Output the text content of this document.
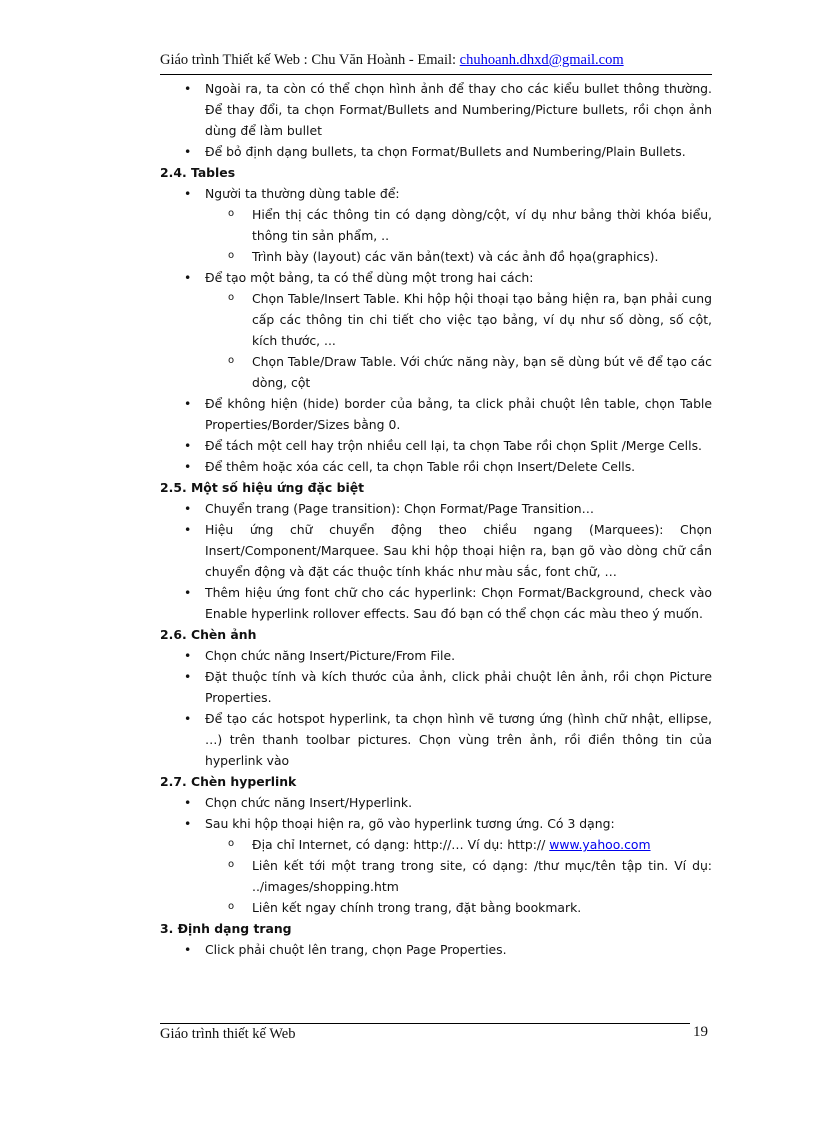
Giáo trình Thiết kế Web : Chu Văn Hoành - Email: chuhoanh.dhxd@gmail.com
• Ngoài ra, ta còn có thể chọn hình ảnh để thay cho các kiểu bullet thông thường. Để thay đổi, ta chọn Format/Bullets and Numbering/Picture bullets, rồi chọn ảnh dùng để làm bullet
• Để bỏ định dạng bullets, ta chọn Format/Bullets and Numbering/Plain Bullets.
2.4. Tables
• Người ta thường dùng table để:
o Hiển thị các thông tin có dạng dòng/cột, ví dụ như bảng thời khóa biểu, thông tin sản phẩm, ..
o Trình bày (layout) các văn bản(text) và các ảnh đồ họa(graphics).
• Để tạo một bảng, ta có thể dùng một trong hai cách:
o Chọn Table/Insert Table. Khi hộp hội thoại tạo bảng hiện ra, bạn phải cung cấp các thông tin chi tiết cho việc tạo bảng, ví dụ như số dòng, số cột, kích thước, ...
o Chọn Table/Draw Table. Với chức năng này, bạn sẽ dùng bút vẽ để tạo các dòng, cột
• Để không hiện (hide) border của bảng, ta click phải chuột lên table, chọn Table Properties/Border/Sizes bằng 0.
• Để tách một cell hay trộn nhiều cell lại, ta chọn Tabe rồi chọn Split /Merge Cells.
• Để thêm hoặc xóa các cell, ta chọn Table rồi chọn Insert/Delete Cells.
2.5. Một số hiệu ứng đặc biệt
• Chuyển trang (Page transition): Chọn Format/Page Transition…
• Hiệu ứng chữ chuyển động theo chiều ngang (Marquees): Chọn Insert/Component/Marquee. Sau khi hộp thoại hiện ra, bạn gõ vào dòng chữ cần chuyển động và đặt các thuộc tính khác như màu sắc, font chữ, …
• Thêm hiệu ứng font chữ cho các hyperlink: Chọn Format/Background, check vào Enable hyperlink rollover effects. Sau đó bạn có thể chọn các màu theo ý muốn.
2.6. Chèn ảnh
• Chọn chức năng Insert/Picture/From File.
• Đặt thuộc tính và kích thước của ảnh, click phải chuột lên ảnh, rồi chọn Picture Properties.
• Để tạo các hotspot hyperlink, ta chọn hình vẽ tương ứng (hình chữ nhật, ellipse, …) trên thanh toolbar pictures. Chọn vùng trên ảnh, rồi điền thông tin của hyperlink vào
2.7. Chèn hyperlink
• Chọn chức năng Insert/Hyperlink.
• Sau khi hộp thoại hiện ra, gõ vào hyperlink tương ứng. Có 3 dạng:
o Địa chỉ Internet, có dạng: http://… Ví dụ: http:// www.yahoo.com
o Liên kết tới một trang trong site, có dạng: /thư mục/tên tập tin. Ví dụ: ../images/shopping.htm
o Liên kết ngay chính trong trang, đặt bằng bookmark.
3. Định dạng trang
• Click phải chuột lên trang, chọn Page Properties.
Giáo trình thiết kế Web	19
